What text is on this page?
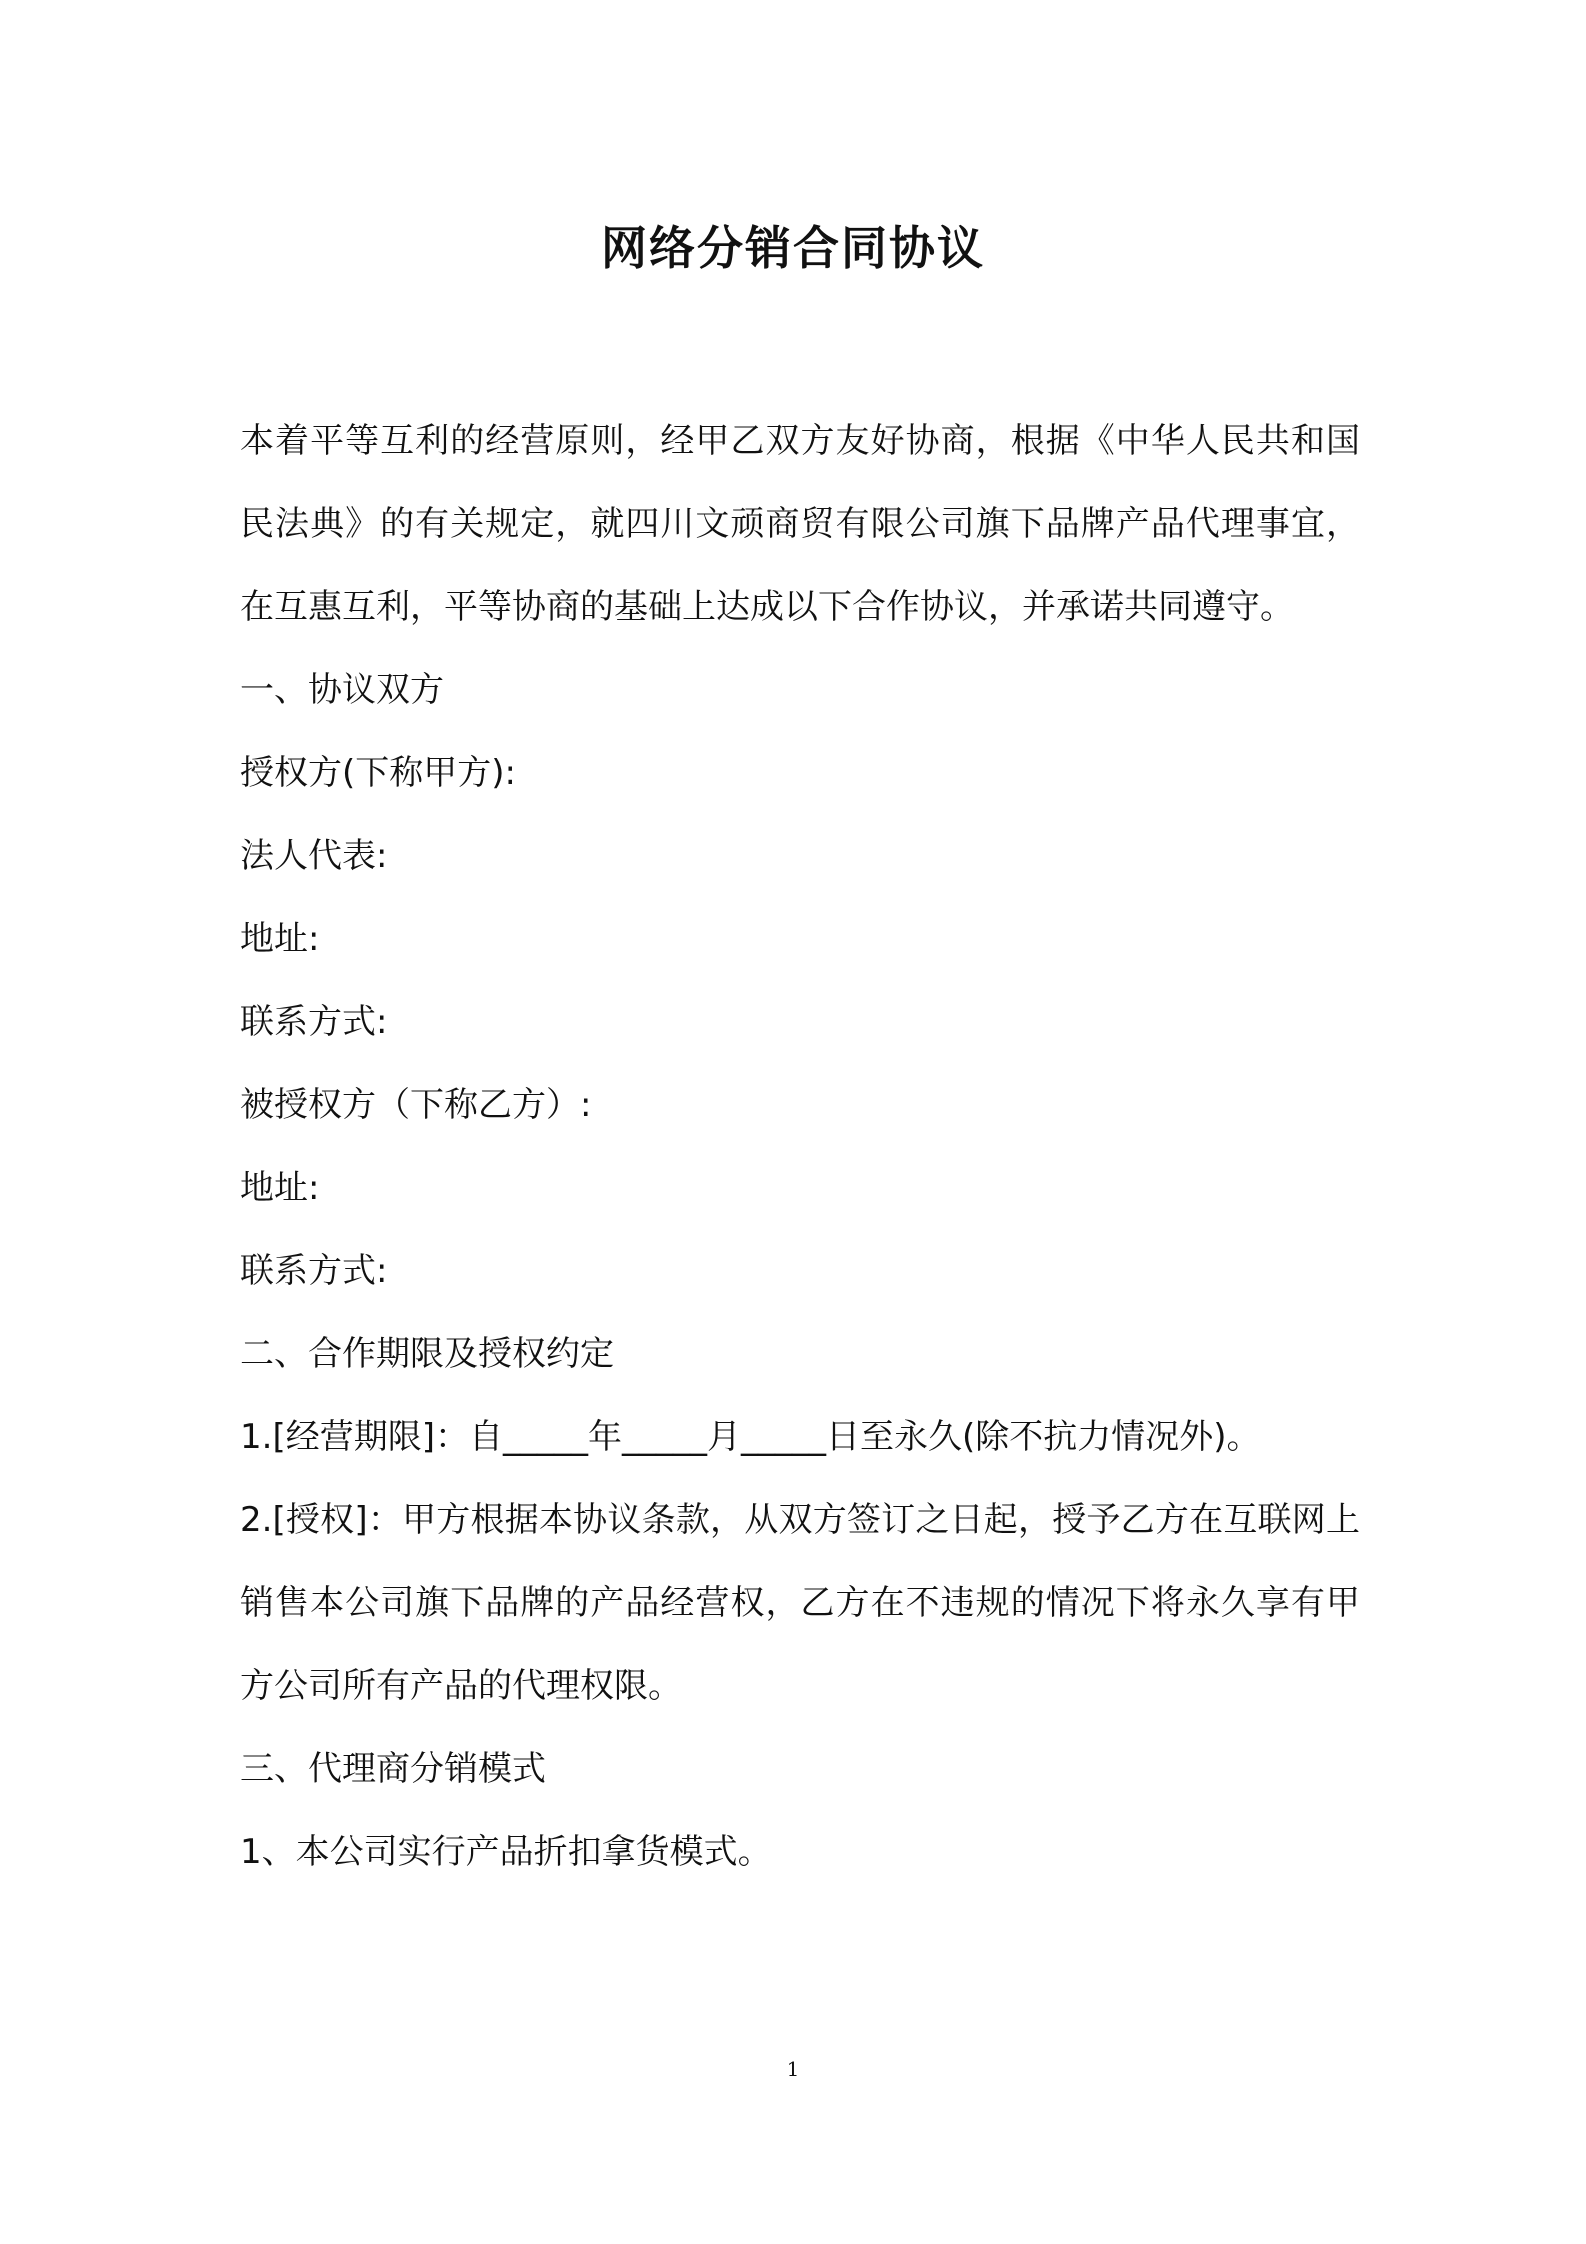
网络分销合同协议

本着平等互利的经营原则，经甲乙双方友好协商，根据《中华人民共和国民法典》的有关规定，就四川文顽商贸有限公司旗下品牌产品代理事宜，在互惠互利，平等协商的基础上达成以下合作协议，并承诺共同遵守。

一、协议双方

授权方(下称甲方):

法人代表:

地址:

联系方式:

被授权方（下称乙方）:

地址:

联系方式:

二、合作期限及授权约定

1.[经营期限]：自_____年_____月_____日至永久(除不抗力情况外)。

2.[授权]：甲方根据本协议条款，从双方签订之日起，授予乙方在互联网上销售本公司旗下品牌的产品经营权，乙方在不违规的情况下将永久享有甲方公司所有产品的代理权限。

三、代理商分销模式

1、本公司实行产品折扣拿货模式。

1
